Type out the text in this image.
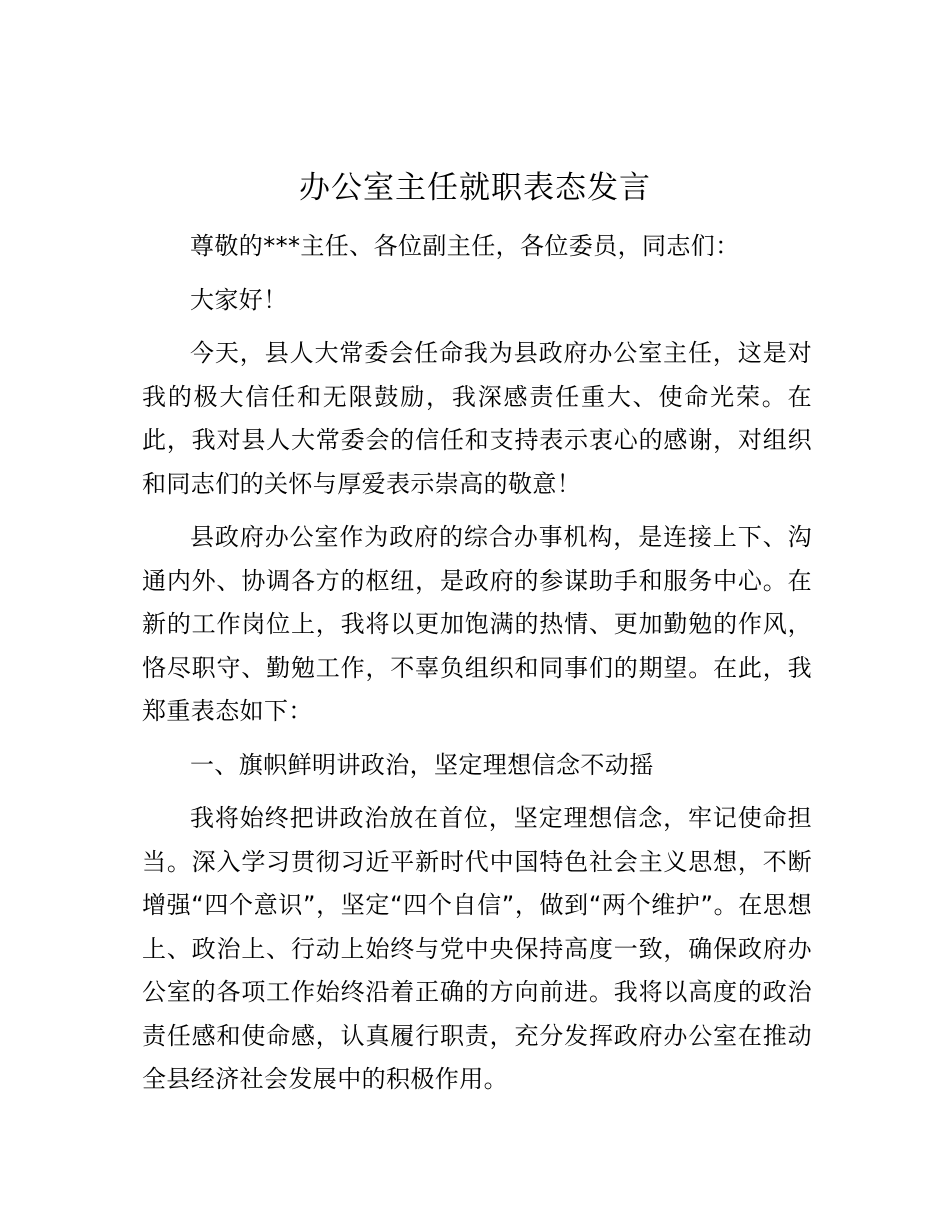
办公室主任就职表态发言

尊敬的***主任、各位副主任，各位委员，同志们：

大家好！

今天，县人大常委会任命我为县政府办公室主任，这是对我的极大信任和无限鼓励，我深感责任重大、使命光荣。在此，我对县人大常委会的信任和支持表示衷心的感谢，对组织和同志们的关怀与厚爱表示崇高的敬意！

县政府办公室作为政府的综合办事机构，是连接上下、沟通内外、协调各方的枢纽，是政府的参谋助手和服务中心。在新的工作岗位上，我将以更加饱满的热情、更加勤勉的作风，恪尽职守、勤勉工作，不辜负组织和同事们的期望。在此，我郑重表态如下：

一、旗帜鲜明讲政治，坚定理想信念不动摇

我将始终把讲政治放在首位，坚定理想信念，牢记使命担当。深入学习贯彻习近平新时代中国特色社会主义思想，不断增强“四个意识”，坚定“四个自信”，做到“两个维护”。在思想上、政治上、行动上始终与党中央保持高度一致，确保政府办公室的各项工作始终沿着正确的方向前进。我将以高度的政治责任感和使命感，认真履行职责，充分发挥政府办公室在推动全县经济社会发展中的积极作用。
